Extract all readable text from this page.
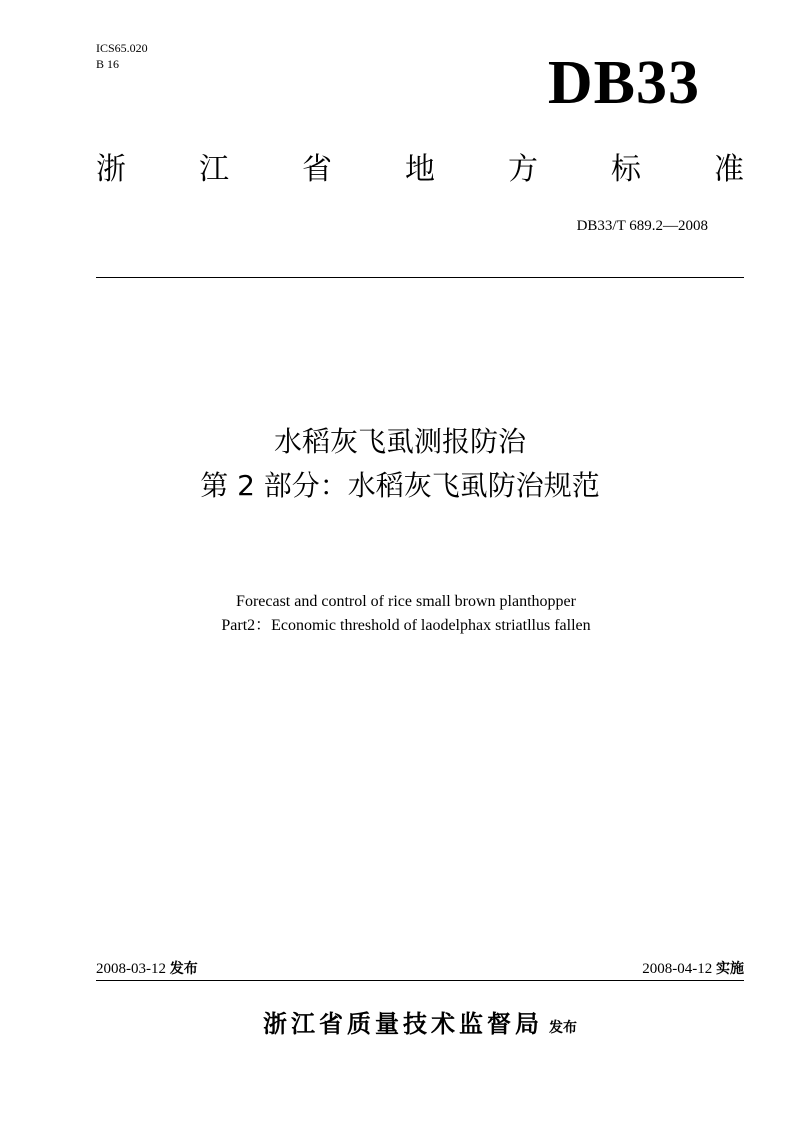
ICS65.020
B 16	DB33
浙 江 省 地 方 标 准
DB33/T 689.2—2008
水稻灰飞虱测报防治
第 2 部分：水稻灰飞虱防治规范
Forecast and control of rice small brown planthopper
Part2：Economic threshold of laodelphax striatllus fallen
2008-03-12 发布	2008-04-12 实施
浙江省质量技术监督局 发布
